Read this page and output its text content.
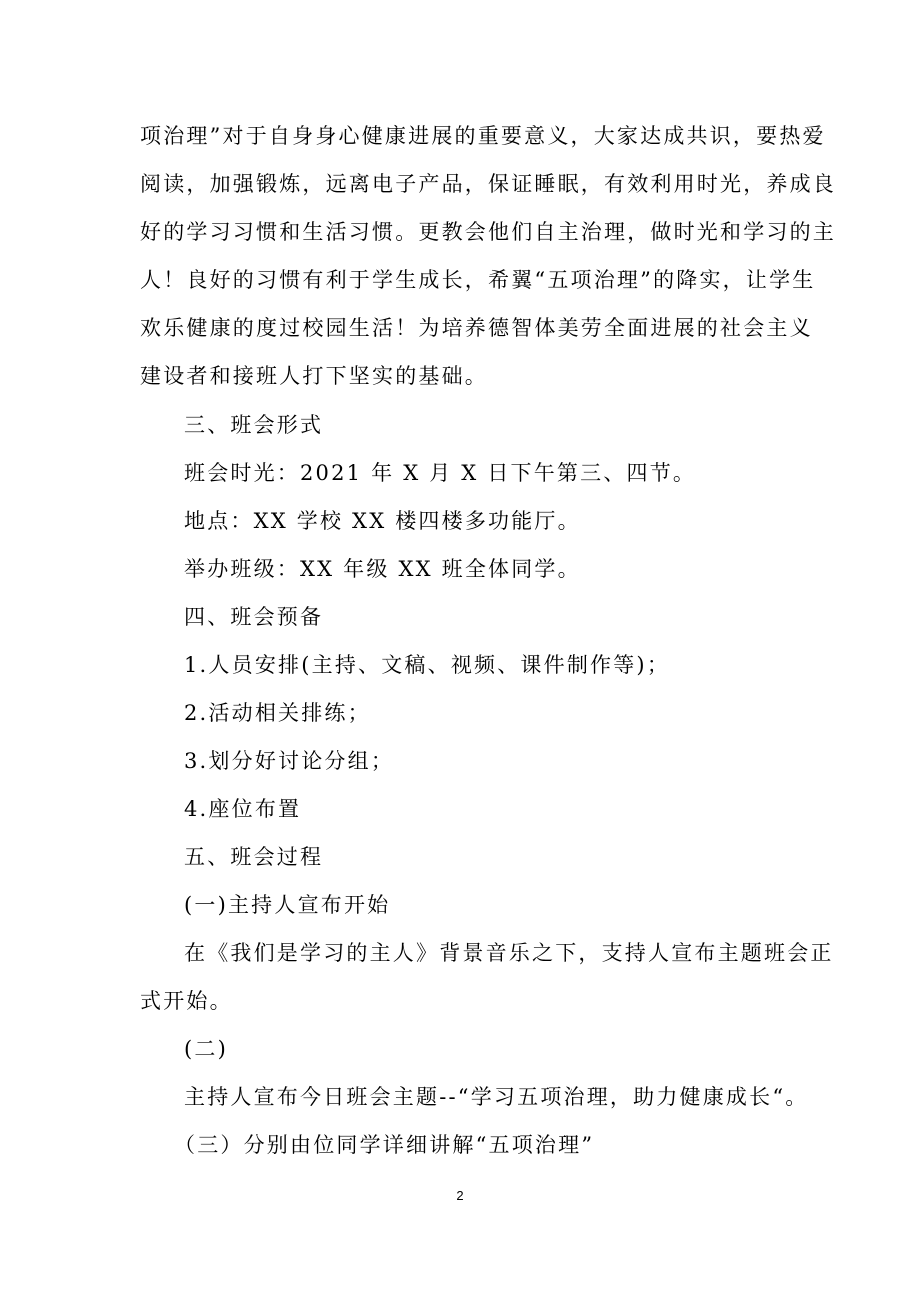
项治理”对于自身身心健康进展的重要意义，大家达成共识，要热爱

阅读，加强锻炼，远离电子产品，保证睡眠，有效利用时光，养成良

好的学习习惯和生活习惯。更教会他们自主治理，做时光和学习的主

人！良好的习惯有利于学生成长，希翼“五项治理”的降实，让学生

欢乐健康的度过校园生活！为培养德智体美劳全面进展的社会主义

建设者和接班人打下坚实的基础。

三、班会形式

班会时光：2021 年 X 月 X 日下午第三、四节。

地点：XX 学校 XX 楼四楼多功能厅。

举办班级：XX 年级 XX 班全体同学。

四、班会预备

1.人员安排(主持、文稿、视频、课件制作等)；

2.活动相关排练；

3.划分好讨论分组；

4.座位布置

五、班会过程

(一)主持人宣布开始

在《我们是学习的主人》背景音乐之下，支持人宣布主题班会正

式开始。

(二)

主持人宣布今日班会主题--“学习五项治理，助力健康成长“。

（三）分别由位同学详细讲解“五项治理”

2
